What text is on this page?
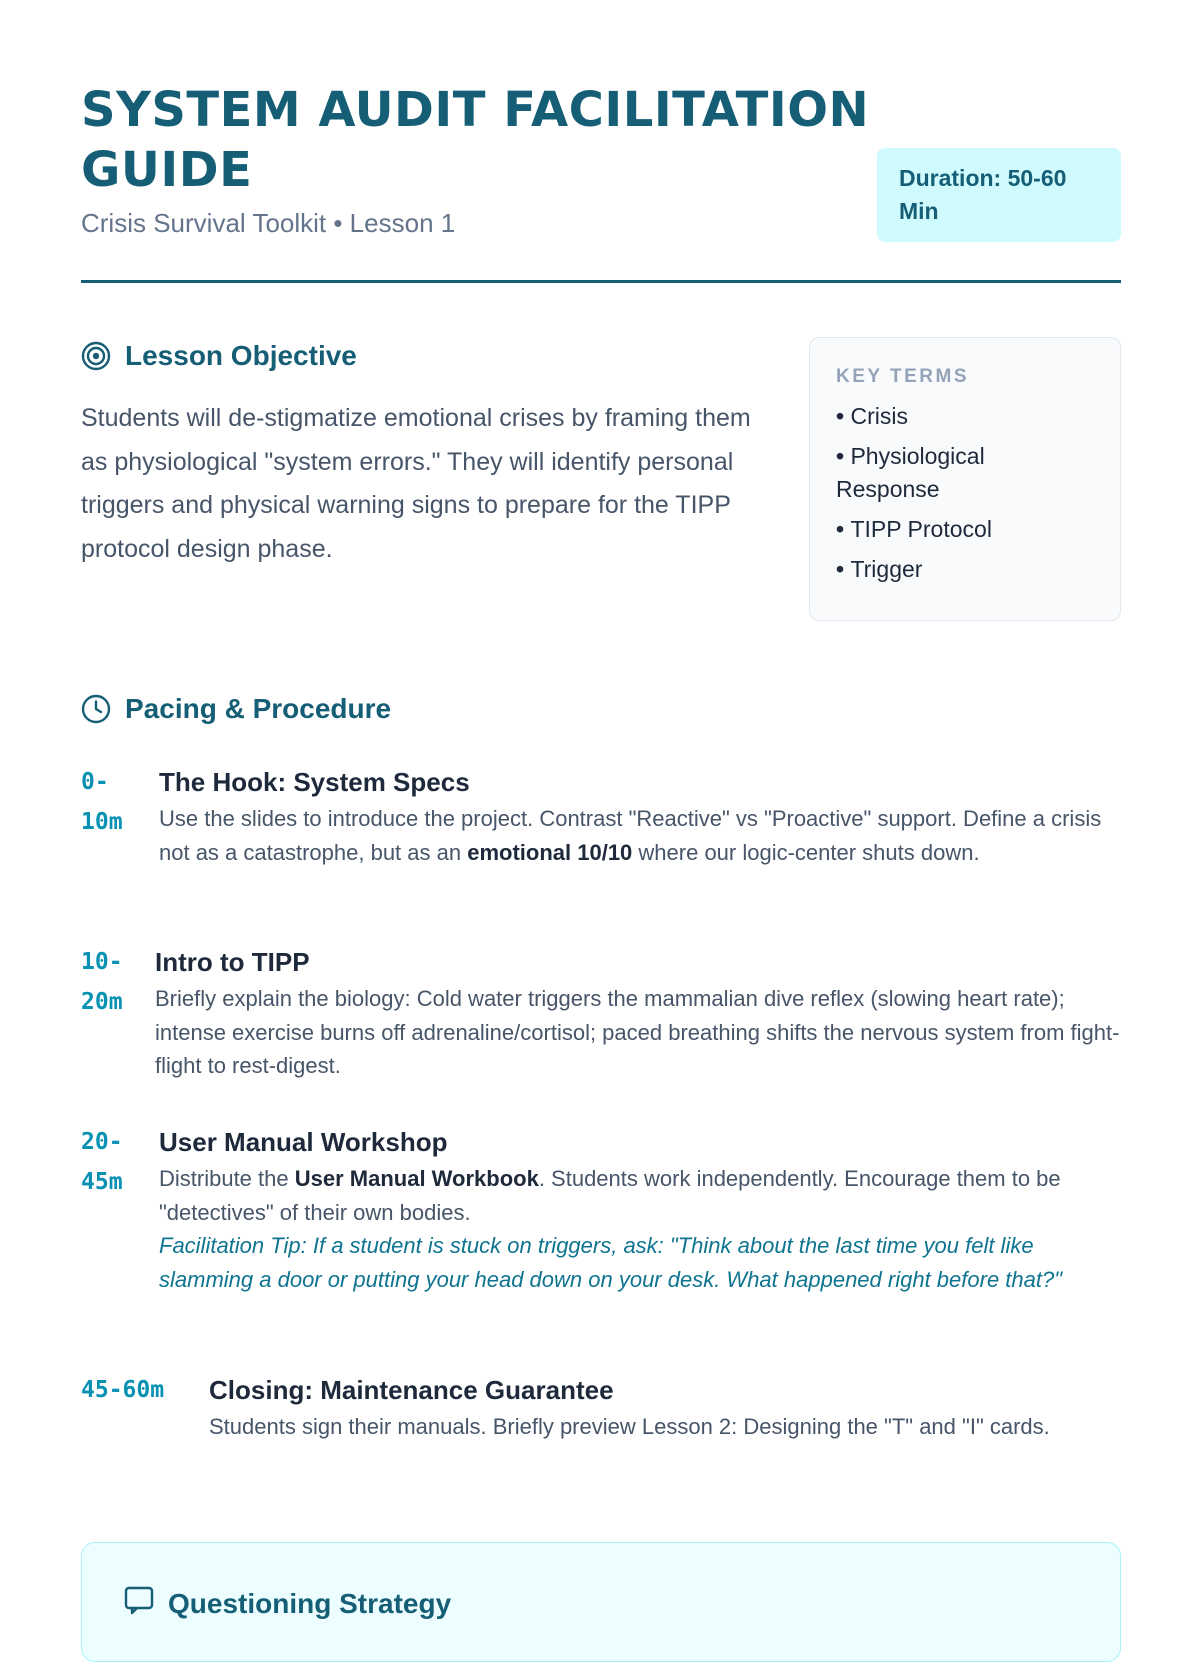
SYSTEM AUDIT FACILITATION GUIDE
Crisis Survival Toolkit • Lesson 1
Duration: 50-60 Min
Lesson Objective

Students will de-stigmatize emotional crises by framing them as physiological "system errors." They will identify personal triggers and physical warning signs to prepare for the TIPP protocol design phase.

KEY TERMS
• Crisis
• Physiological Response
• TIPP Protocol
• Trigger
Pacing & Procedure
0-
10m
The Hook: System Specs

Use the slides to introduce the project. Contrast "Reactive" vs "Proactive" support. Define a crisis not as a catastrophe, but as an emotional 10/10 where our logic-center shuts down.

10-
20m
Intro to TIPP

Briefly explain the biology: Cold water triggers the mammalian dive reflex (slowing heart rate); intense exercise burns off adrenaline/cortisol; paced breathing shifts the nervous system from fight-flight to rest-digest.

20-
45m
User Manual Workshop

Distribute the User Manual Workbook. Students work independently. Encourage them to be "detectives" of their own bodies.

Facilitation Tip: If a student is stuck on triggers, ask: "Think about the last time you felt like slamming a door or putting your head down on your desk. What happened right before that?"
45-60m Closing: Maintenance Guarantee

Students sign their manuals. Briefly preview Lesson 2: Designing the "T" and "I" cards.

Questioning Strategy
